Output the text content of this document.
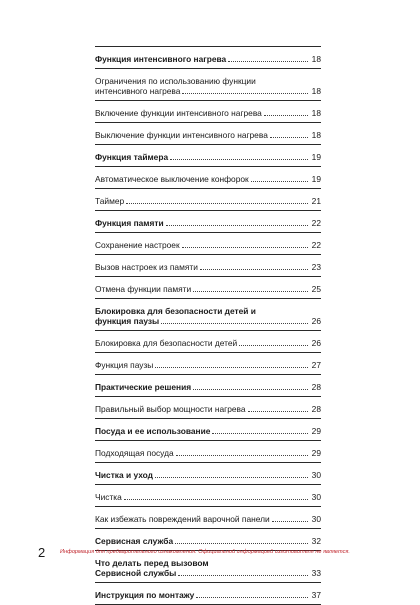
Функция интенсивного нагрева	18
Ограничения по использованию функции
интенсивного нагрева	18
Включение функции интенсивного нагрева	18
Выключение функции интенсивного нагрева	18
Функция таймера	19
Автоматическое выключение конфорок	19
Таймер	21
Функция памяти	22
Сохранение настроек	22
Вызов настроек из памяти	23
Отмена функции памяти	25
Блокировка для безопасности детей и
функция паузы	26
Блокировка для безопасности детей	26
Функция паузы	27
Практические решения	28
Правильный выбор мощности нагрева	28
Посуда и ее использование	29
Подходящая посуда	29
Чистка и уход	30
Чистка	30
Как избежать повреждений варочной панели	30
Сервисная служба	32
Что делать перед вызовом
Сервисной службы	33
Инструкция по монтажу	37
2	Информация для предварительного ознакомления. Официальной информацией изготовителя не является.
